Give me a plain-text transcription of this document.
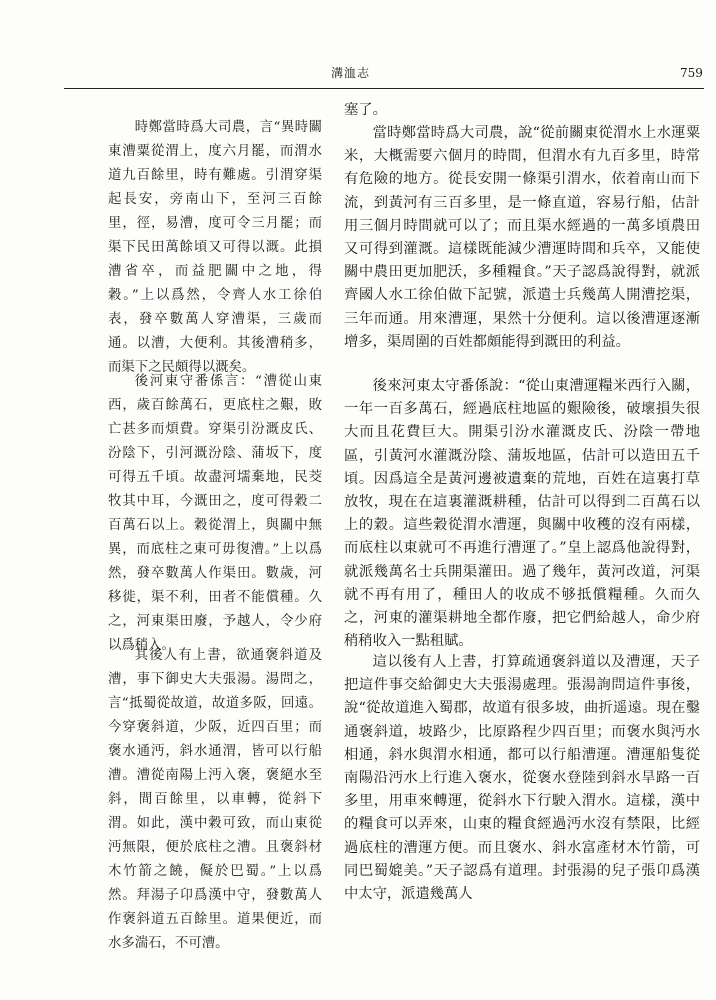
溝洫志	759

時鄭當時爲大司農，言“異時關東漕粟從渭上，度六月罷，而渭水道九百餘里，時有難處。引渭穿渠起長安，旁南山下，至河三百餘里，徑，易漕，度可令三月罷；而渠下民田萬餘頃又可得以溉。此損漕省卒，而益肥關中之地，得穀。”上以爲然，令齊人水工徐伯表，發卒數萬人穿漕渠，三歲而通。以漕，大便利。其後漕稍多，而渠下之民頗得以溉矣。

後河東守番係言：“漕從山東西，歲百餘萬石，更底柱之艱，敗亡甚多而煩費。穿渠引汾溉皮氏、汾陰下，引河溉汾陰、蒲坂下，度可得五千頃。故盡河壖棄地，民茭牧其中耳，今溉田之，度可得穀二百萬石以上。穀從渭上，與關中無異，而底柱之東可毋復漕。”上以爲然，發卒數萬人作渠田。數歲，河移徙，渠不利，田者不能償種。久之，河東渠田廢，予越人，令少府以爲稍入。

其後人有上書，欲通褒斜道及漕，事下御史大夫張湯。湯問之，言“抵蜀從故道，故道多阪，回遠。今穿褒斜道，少阪，近四百里；而褒水通沔，斜水通渭，皆可以行船漕。漕從南陽上沔入褒，褒絕水至斜，間百餘里，以車轉，從斜下渭。如此，漢中穀可致，而山東從沔無限，便於底柱之漕。且褒斜材木竹箭之饒，儗於巴蜀。”上以爲然。拜湯子卬爲漢中守，發數萬人作褒斜道五百餘里。道果便近，而水多湍石，不可漕。

塞了。

當時鄭當時爲大司農，說“從前關東從渭水上水運粟米，大概需要六個月的時間，但渭水有九百多里，時常有危險的地方。從長安開一條渠引渭水，依着南山而下流，到黃河有三百多里，是一條直道，容易行船，估計用三個月時間就可以了；而且渠水經過的一萬多頃農田又可得到灌溉。這樣既能減少漕運時間和兵卒，又能使關中農田更加肥沃，多種糧食。”天子認爲說得對，就派齊國人水工徐伯做下記號，派遣士兵幾萬人開漕挖渠，三年而通。用來漕運，果然十分便利。這以後漕運逐漸增多，渠周圍的百姓都頗能得到溉田的利益。

後來河東太守番係說：“從山東漕運糧米西行入關，一年一百多萬石，經過底柱地區的艱險後，破壞損失很大而且花費巨大。開渠引汾水灌溉皮氏、汾陰一帶地區，引黃河水灌溉汾陰、蒲坂地區，估計可以造田五千頃。因爲這全是黃河邊被遺棄的荒地，百姓在這裏打草放牧，現在在這裏灌溉耕種，估計可以得到二百萬石以上的穀。這些穀從渭水漕運，與關中收穫的沒有兩樣，而底柱以東就可不再進行漕運了。”皇上認爲他說得對，就派幾萬名士兵開渠灌田。過了幾年，黃河改道，河渠就不再有用了，種田人的收成不够抵償糧種。久而久之，河東的灌渠耕地全都作廢，把它們給越人，命少府稍稍收入一點租賦。

這以後有人上書，打算疏通褒斜道以及漕運，天子把這件事交給御史大夫張湯處理。張湯詢問這件事後，說“從故道進入蜀郡，故道有很多坡，曲折遥遠。現在鑿通褒斜道，坡路少，比原路程少四百里；而褒水與沔水相通，斜水與渭水相通，都可以行船漕運。漕運船隻從南陽沿沔水上行進入褒水，從褒水登陸到斜水旱路一百多里，用車來轉運，從斜水下行駛入渭水。這樣，漢中的糧食可以弄來，山東的糧食經過沔水沒有禁限，比經過底柱的漕運方便。而且褒水、斜水富產材木竹箭，可同巴蜀媲美。”天子認爲有道理。封張湯的兒子張卬爲漢中太守，派遣幾萬人
